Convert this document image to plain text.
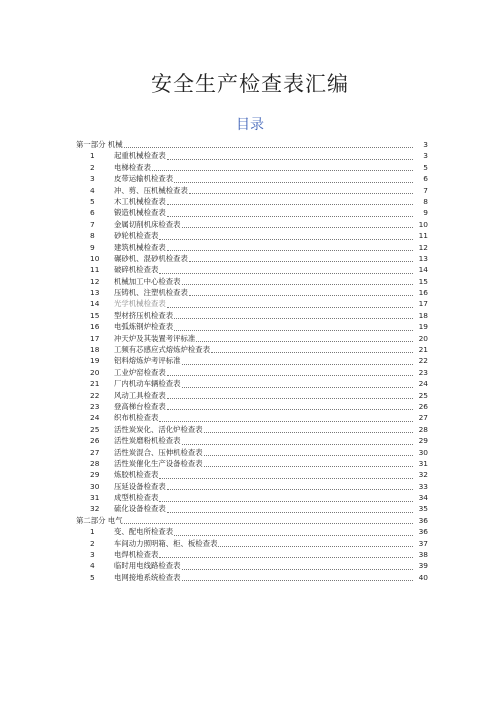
安全生产检查表汇编
目录
第一部分 机械	3
1	起重机械检查表	3
2	电梯检查表	5
3	皮带运输机检查表	6
4	冲、剪、压机械检查表	7
5	木工机械检查表	8
6	锻造机械检查表	9
7	金属切削机床检查表	10
8	砂轮机检查表	11
9	建筑机械检查表	12
10	碾砂机、混砂机检查表	13
11	破碎机检查表	14
12	机械加工中心检查表	15
13	压铸机、注塑机检查表	16
14	光学机械检查表	17
15	型材挤压机检查表	18
16	电弧炼钢炉检查表	19
17	冲天炉及其装置考评标准	20
18	工频有芯感应式熔炼炉检查表	21
19	铝料熔炼炉考评标准	22
20	工业炉窑检查表	23
21	厂内机动车辆检查表	24
22	风动工具检查表	25
23	登高梯台检查表	26
24	织布机检查表	27
25	活性炭炭化、活化炉检查表	28
26	活性炭磨粉机检查表	29
27	活性炭混合、压伸机检查表	30
28	活性炭催化生产设备检查表	31
29	炼胶机检查表	32
30	压延设备检查表	33
31	成型机检查表	34
32	硫化设备检查表	35
第二部分 电气	36
1	变、配电所检查表	36
2	车间动力照明箱、柜、板检查表	37
3	电焊机检查表	38
4	临时用电线路检查表	39
5	电网接地系统检查表	40
